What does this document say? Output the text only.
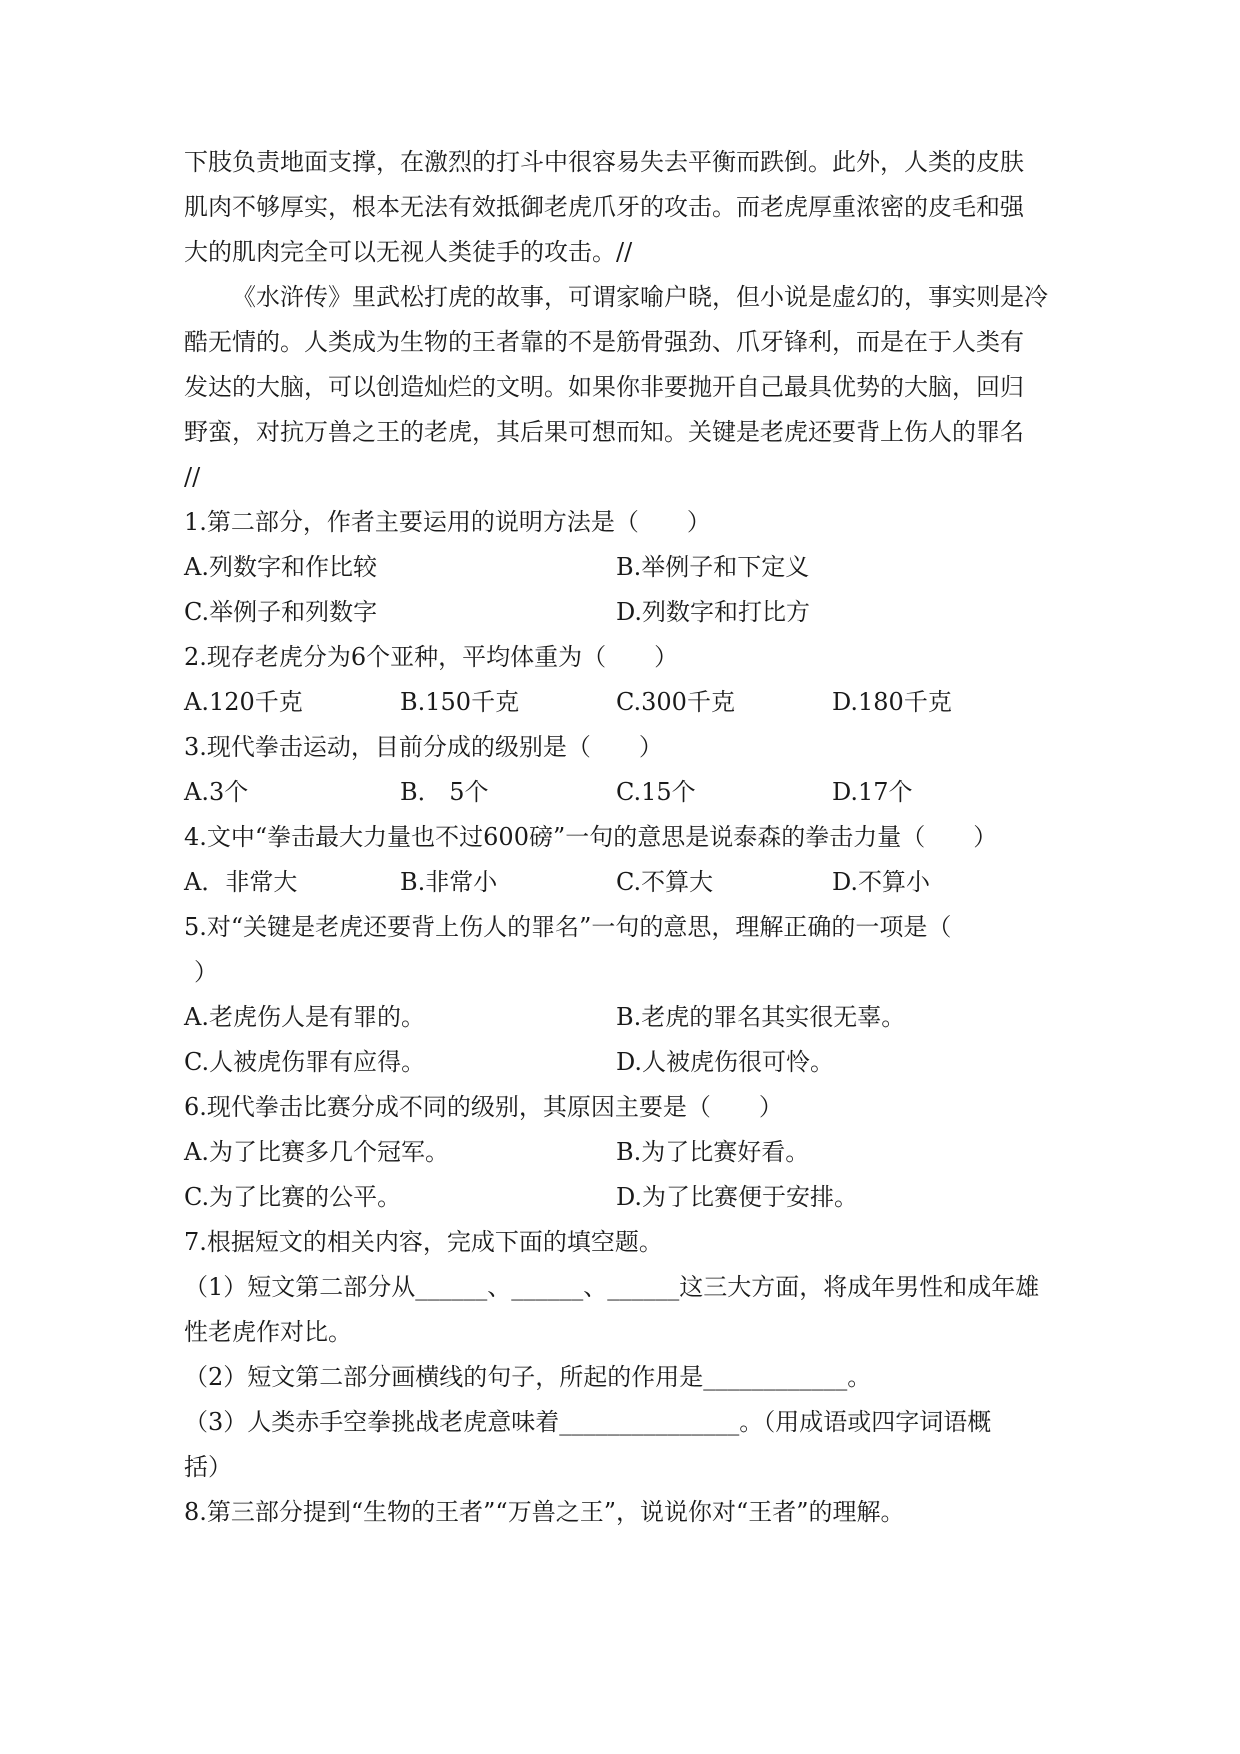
下肢负责地面支撑，在激烈的打斗中很容易失去平衡而跌倒。此外，人类的皮肤

肌肉不够厚实，根本无法有效抵御老虎爪牙的攻击。而老虎厚重浓密的皮毛和强

大的肌肉完全可以无视人类徒手的攻击。//

《水浒传》里武松打虎的故事，可谓家喻户晓，但小说是虚幻的，事实则是冷

酷无情的。人类成为生物的王者靠的不是筋骨强劲、爪牙锋利，而是在于人类有

发达的大脑，可以创造灿烂的文明。如果你非要抛开自己最具优势的大脑，回归

野蛮，对抗万兽之王的老虎，其后果可想而知。关键是老虎还要背上伤人的罪名

//

1.第二部分，作者主要运用的说明方法是（　　）

A.列数字和作比较	B.举例子和下定义
C.举例子和列数字	D.列数字和打比方

2.现存老虎分为6个亚种，平均体重为（　　）

A.120千克	B.150千克	C.300千克	D.180千克

3.现代拳击运动，目前分成的级别是（　　）

A.3个	B． 5个	C.15个	D.17个

4.文中“拳击最大力量也不过600磅”一句的意思是说泰森的拳击力量（　　）

A．非常大	B.非常小	C.不算大	D.不算小

5.对“关键是老虎还要背上伤人的罪名”一句的意思，理解正确的一项是（

）

A.老虎伤人是有罪的。	B.老虎的罪名其实很无辜。
C.人被虎伤罪有应得。	D.人被虎伤很可怜。

6.现代拳击比赛分成不同的级别，其原因主要是（　　）

A.为了比赛多几个冠军。	B.为了比赛好看。
C.为了比赛的公平。	D.为了比赛便于安排。

7.根据短文的相关内容，完成下面的填空题。

（1）短文第二部分从______、______、______这三大方面，将成年男性和成年雄

性老虎作对比。

（2）短文第二部分画横线的句子，所起的作用是____________。

（3）人类赤手空拳挑战老虎意味着_______________。（用成语或四字词语概

括）

8.第三部分提到“生物的王者”“万兽之王”，说说你对“王者”的理解。
